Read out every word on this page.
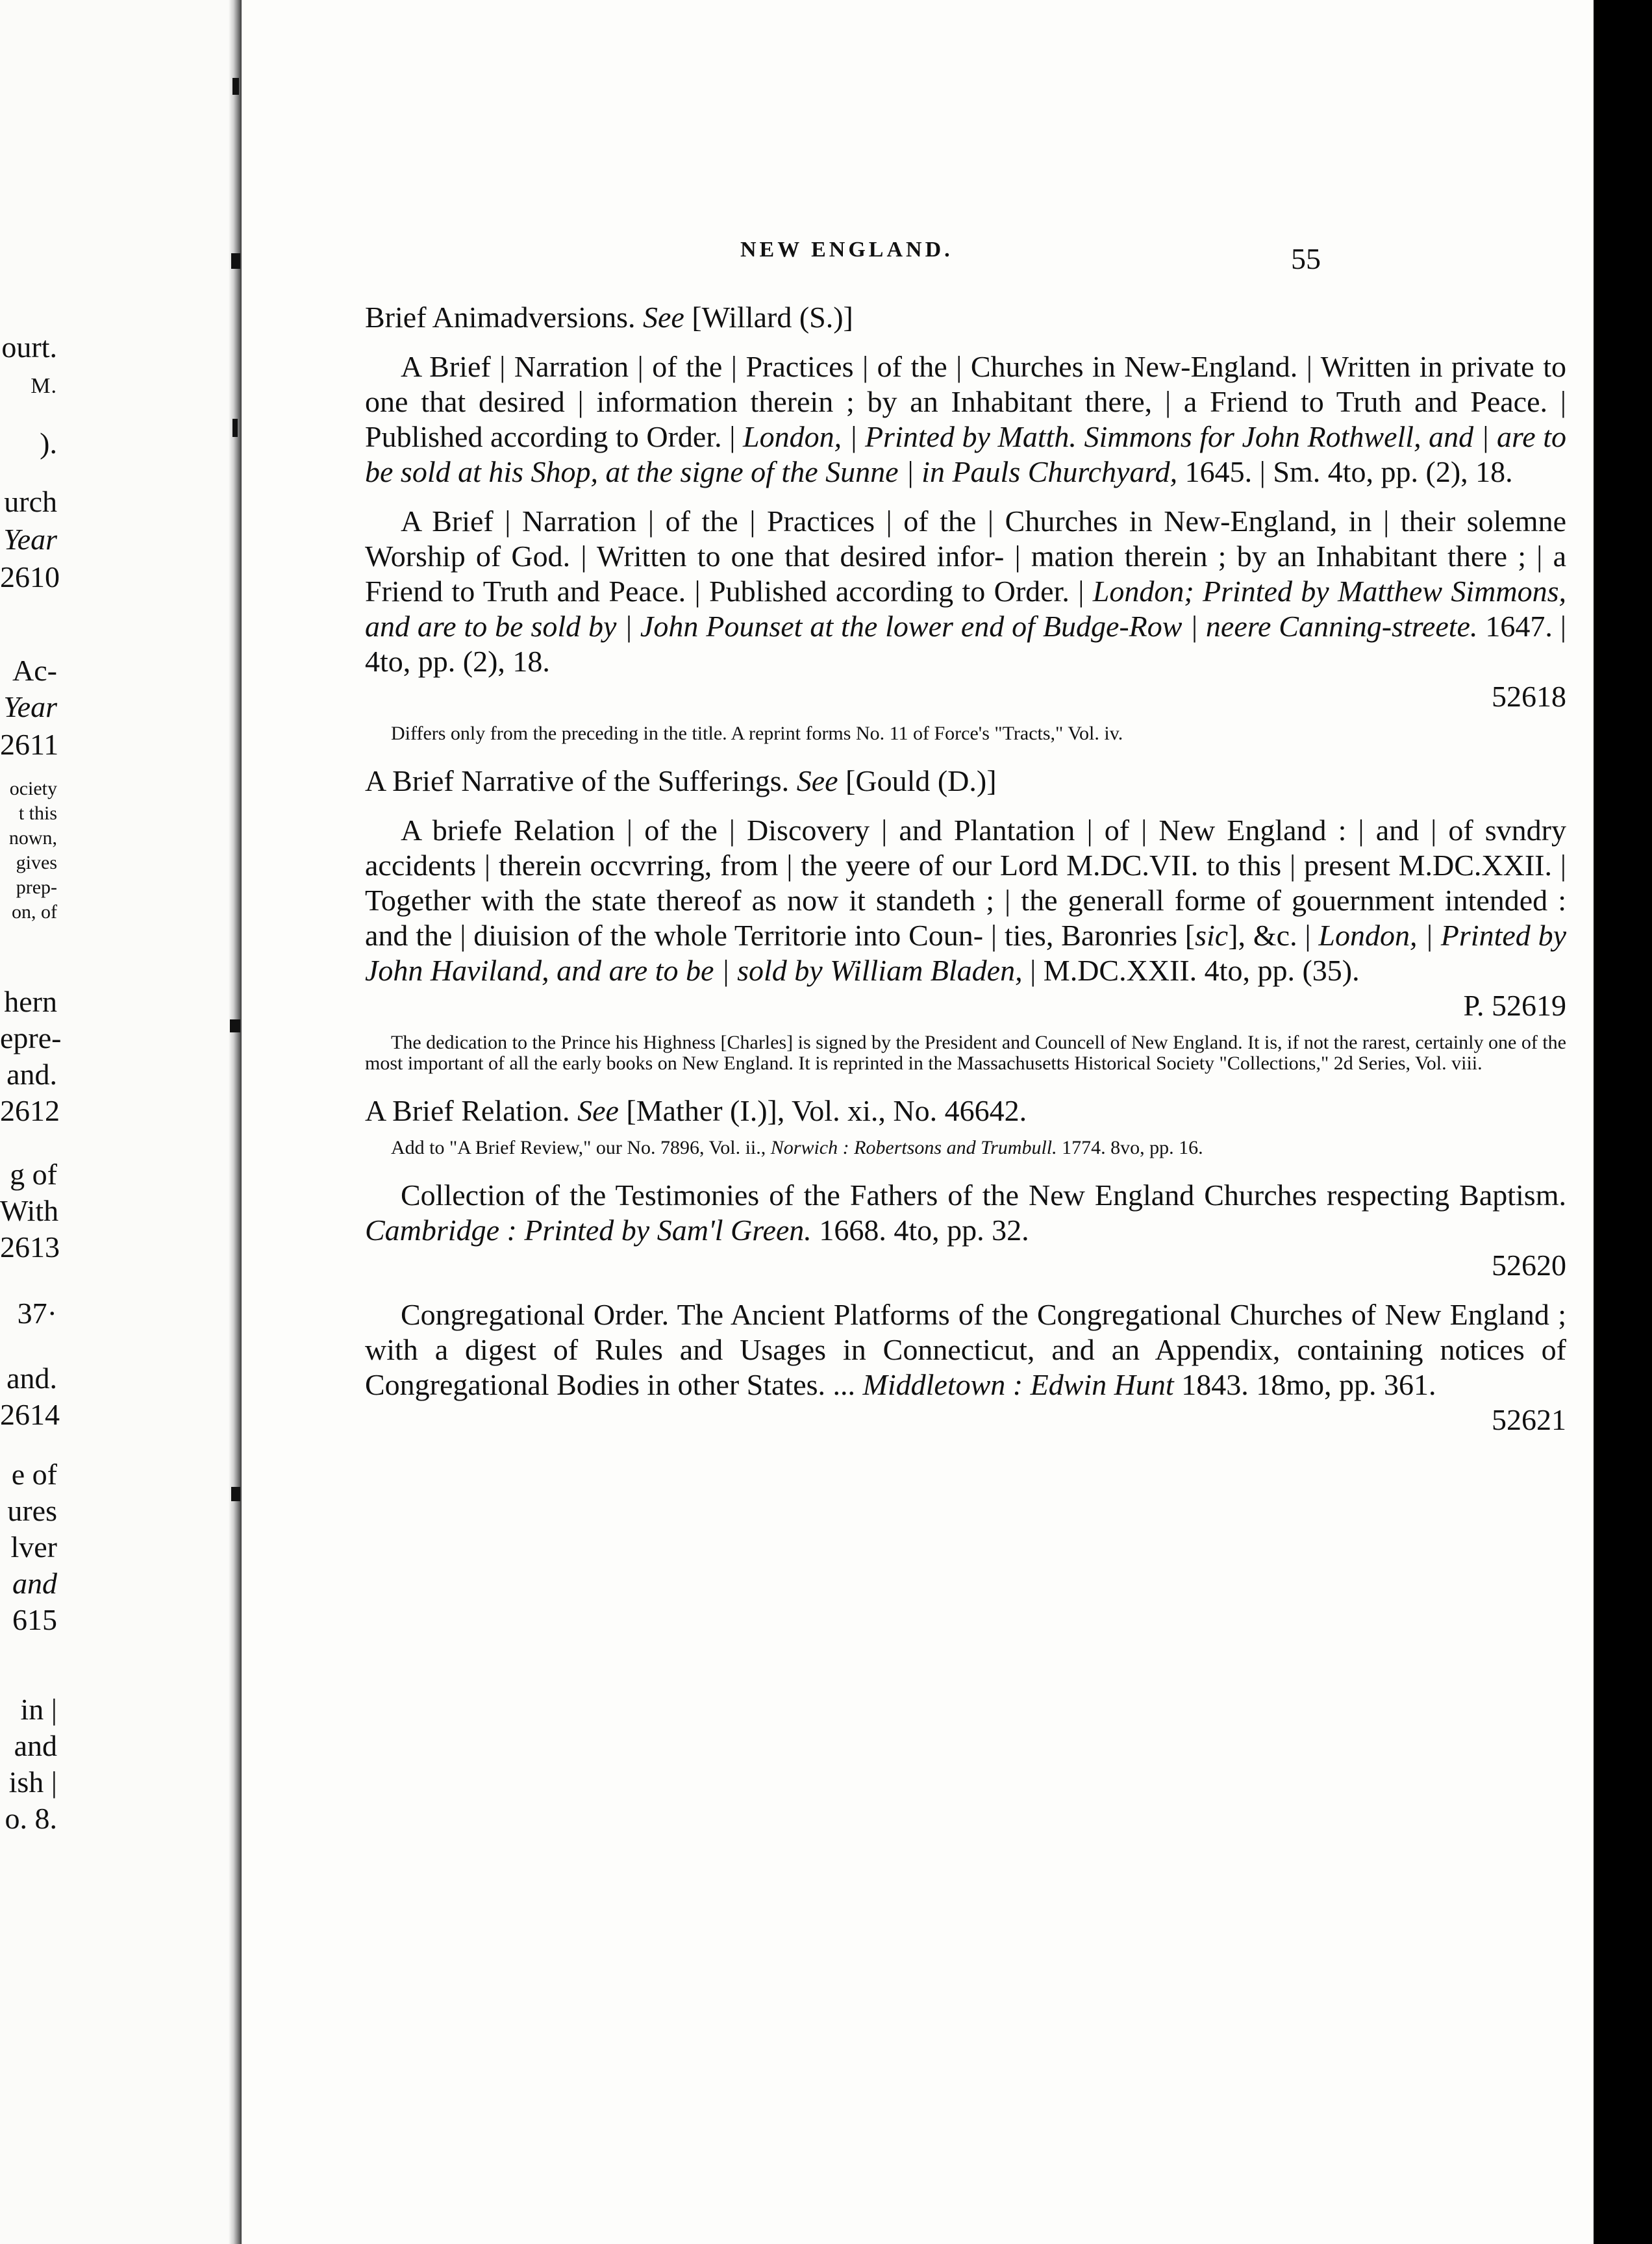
ourt.
M.
).
urch
Year
2610
Ac-
Year
2611
ociety
t this
nown,
gives
prep-
on, of
hern
epre-
and.
2612
g of
With
2613
37·
and.
2614
e of
ures
lver
and
615
in |
and
ish |
o. 8.
NEW ENGLAND.	55

Brief Animadversions. See [Willard (S.)]

A Brief | Narration | of the | Practices | of the | Churches in New-England. | Written in private to one that desired | information therein ; by an Inhabitant there, | a Friend to Truth and Peace. | Published according to Order. | London, | Printed by Matth. Simmons for John Rothwell, and | are to be sold at his Shop, at the signe of the Sunne | in Pauls Churchyard, 1645. | Sm. 4to, pp. (2), 18.

A Brief | Narration | of the | Practices | of the | Churches in New-England, in | their solemne Worship of God. | Written to one that desired infor- | mation therein ; by an Inhabitant there ; | a Friend to Truth and Peace. | Published according to Order. | London; Printed by Matthew Simmons, and are to be sold by | John Pounset at the lower end of Budge-Row | neere Canning-streete. 1647. | 4to, pp. (2), 18.
52618

Differs only from the preceding in the title. A reprint forms No. 11 of Force's "Tracts," Vol. iv.

A Brief Narrative of the Sufferings. See [Gould (D.)]

A briefe Relation | of the | Discovery | and Plantation | of | New England : | and | of svndry accidents | therein occvrring, from | the yeere of our Lord M.DC.VII. to this | present M.DC.XXII. | Together with the state thereof as now it standeth ; | the generall forme of gouernment intended : and the | diuision of the whole Territorie into Coun- | ties, Baronries [sic], &c. | London, | Printed by John Haviland, and are to be | sold by William Bladen, | M.DC.XXII. 4to, pp. (35).
P. 52619

The dedication to the Prince his Highness [Charles] is signed by the President and Councell of New England. It is, if not the rarest, certainly one of the most important of all the early books on New England. It is reprinted in the Massachusetts Historical Society "Collections," 2d Series, Vol. viii.

A Brief Relation. See [Mather (I.)], Vol. xi., No. 46642.

Add to "A Brief Review," our No. 7896, Vol. ii., Norwich : Robertsons and Trumbull. 1774. 8vo, pp. 16.

Collection of the Testimonies of the Fathers of the New England Churches respecting Baptism. Cambridge : Printed by Sam'l Green. 1668. 4to, pp. 32.
52620

Congregational Order. The Ancient Platforms of the Congregational Churches of New England ; with a digest of Rules and Usages in Connecticut, and an Appendix, containing notices of Congregational Bodies in other States. ... Middletown : Edwin Hunt 1843. 18mo, pp. 361.
52621
